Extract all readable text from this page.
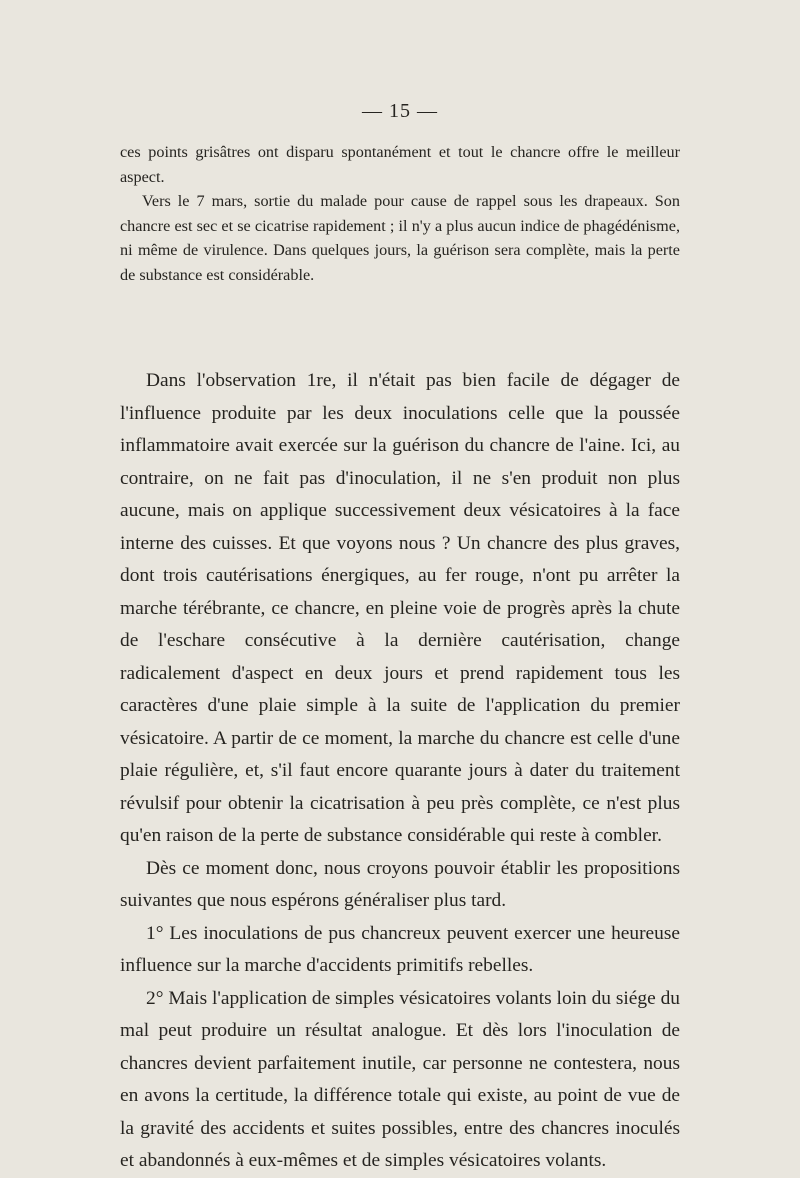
— 15 —

ces points grisâtres ont disparu spontanément et tout le chancre offre le meilleur aspect.

Vers le 7 mars, sortie du malade pour cause de rappel sous les drapeaux. Son chancre est sec et se cicatrise rapidement ; il n'y a plus aucun indice de phagédénisme, ni même de virulence. Dans quelques jours, la guérison sera complète, mais la perte de substance est considérable.

Dans l'observation 1re, il n'était pas bien facile de dégager de l'influence produite par les deux inoculations celle que la poussée inflammatoire avait exercée sur la guérison du chancre de l'aine. Ici, au contraire, on ne fait pas d'inoculation, il ne s'en produit non plus aucune, mais on applique successivement deux vésicatoires à la face interne des cuisses. Et que voyons nous ? Un chancre des plus graves, dont trois cautérisations énergiques, au fer rouge, n'ont pu arrêter la marche térébrante, ce chancre, en pleine voie de progrès après la chute de l'eschare consécutive à la dernière cautérisation, change radicalement d'aspect en deux jours et prend rapidement tous les caractères d'une plaie simple à la suite de l'application du premier vésicatoire. A partir de ce moment, la marche du chancre est celle d'une plaie régulière, et, s'il faut encore quarante jours à dater du traitement révulsif pour obtenir la cicatrisation à peu près complète, ce n'est plus qu'en raison de la perte de substance considérable qui reste à combler.

Dès ce moment donc, nous croyons pouvoir établir les propositions suivantes que nous espérons généraliser plus tard.

1° Les inoculations de pus chancreux peuvent exercer une heureuse influence sur la marche d'accidents primitifs rebelles.

2° Mais l'application de simples vésicatoires volants loin du siége du mal peut produire un résultat analogue. Et dès lors l'inoculation de chancres devient parfaitement inutile, car personne ne contestera, nous en avons la certitude, la différence totale qui existe, au point de vue de la gravité des accidents et suites possibles, entre des chancres inoculés et abandonnés à eux-mêmes et de simples vésicatoires volants.
